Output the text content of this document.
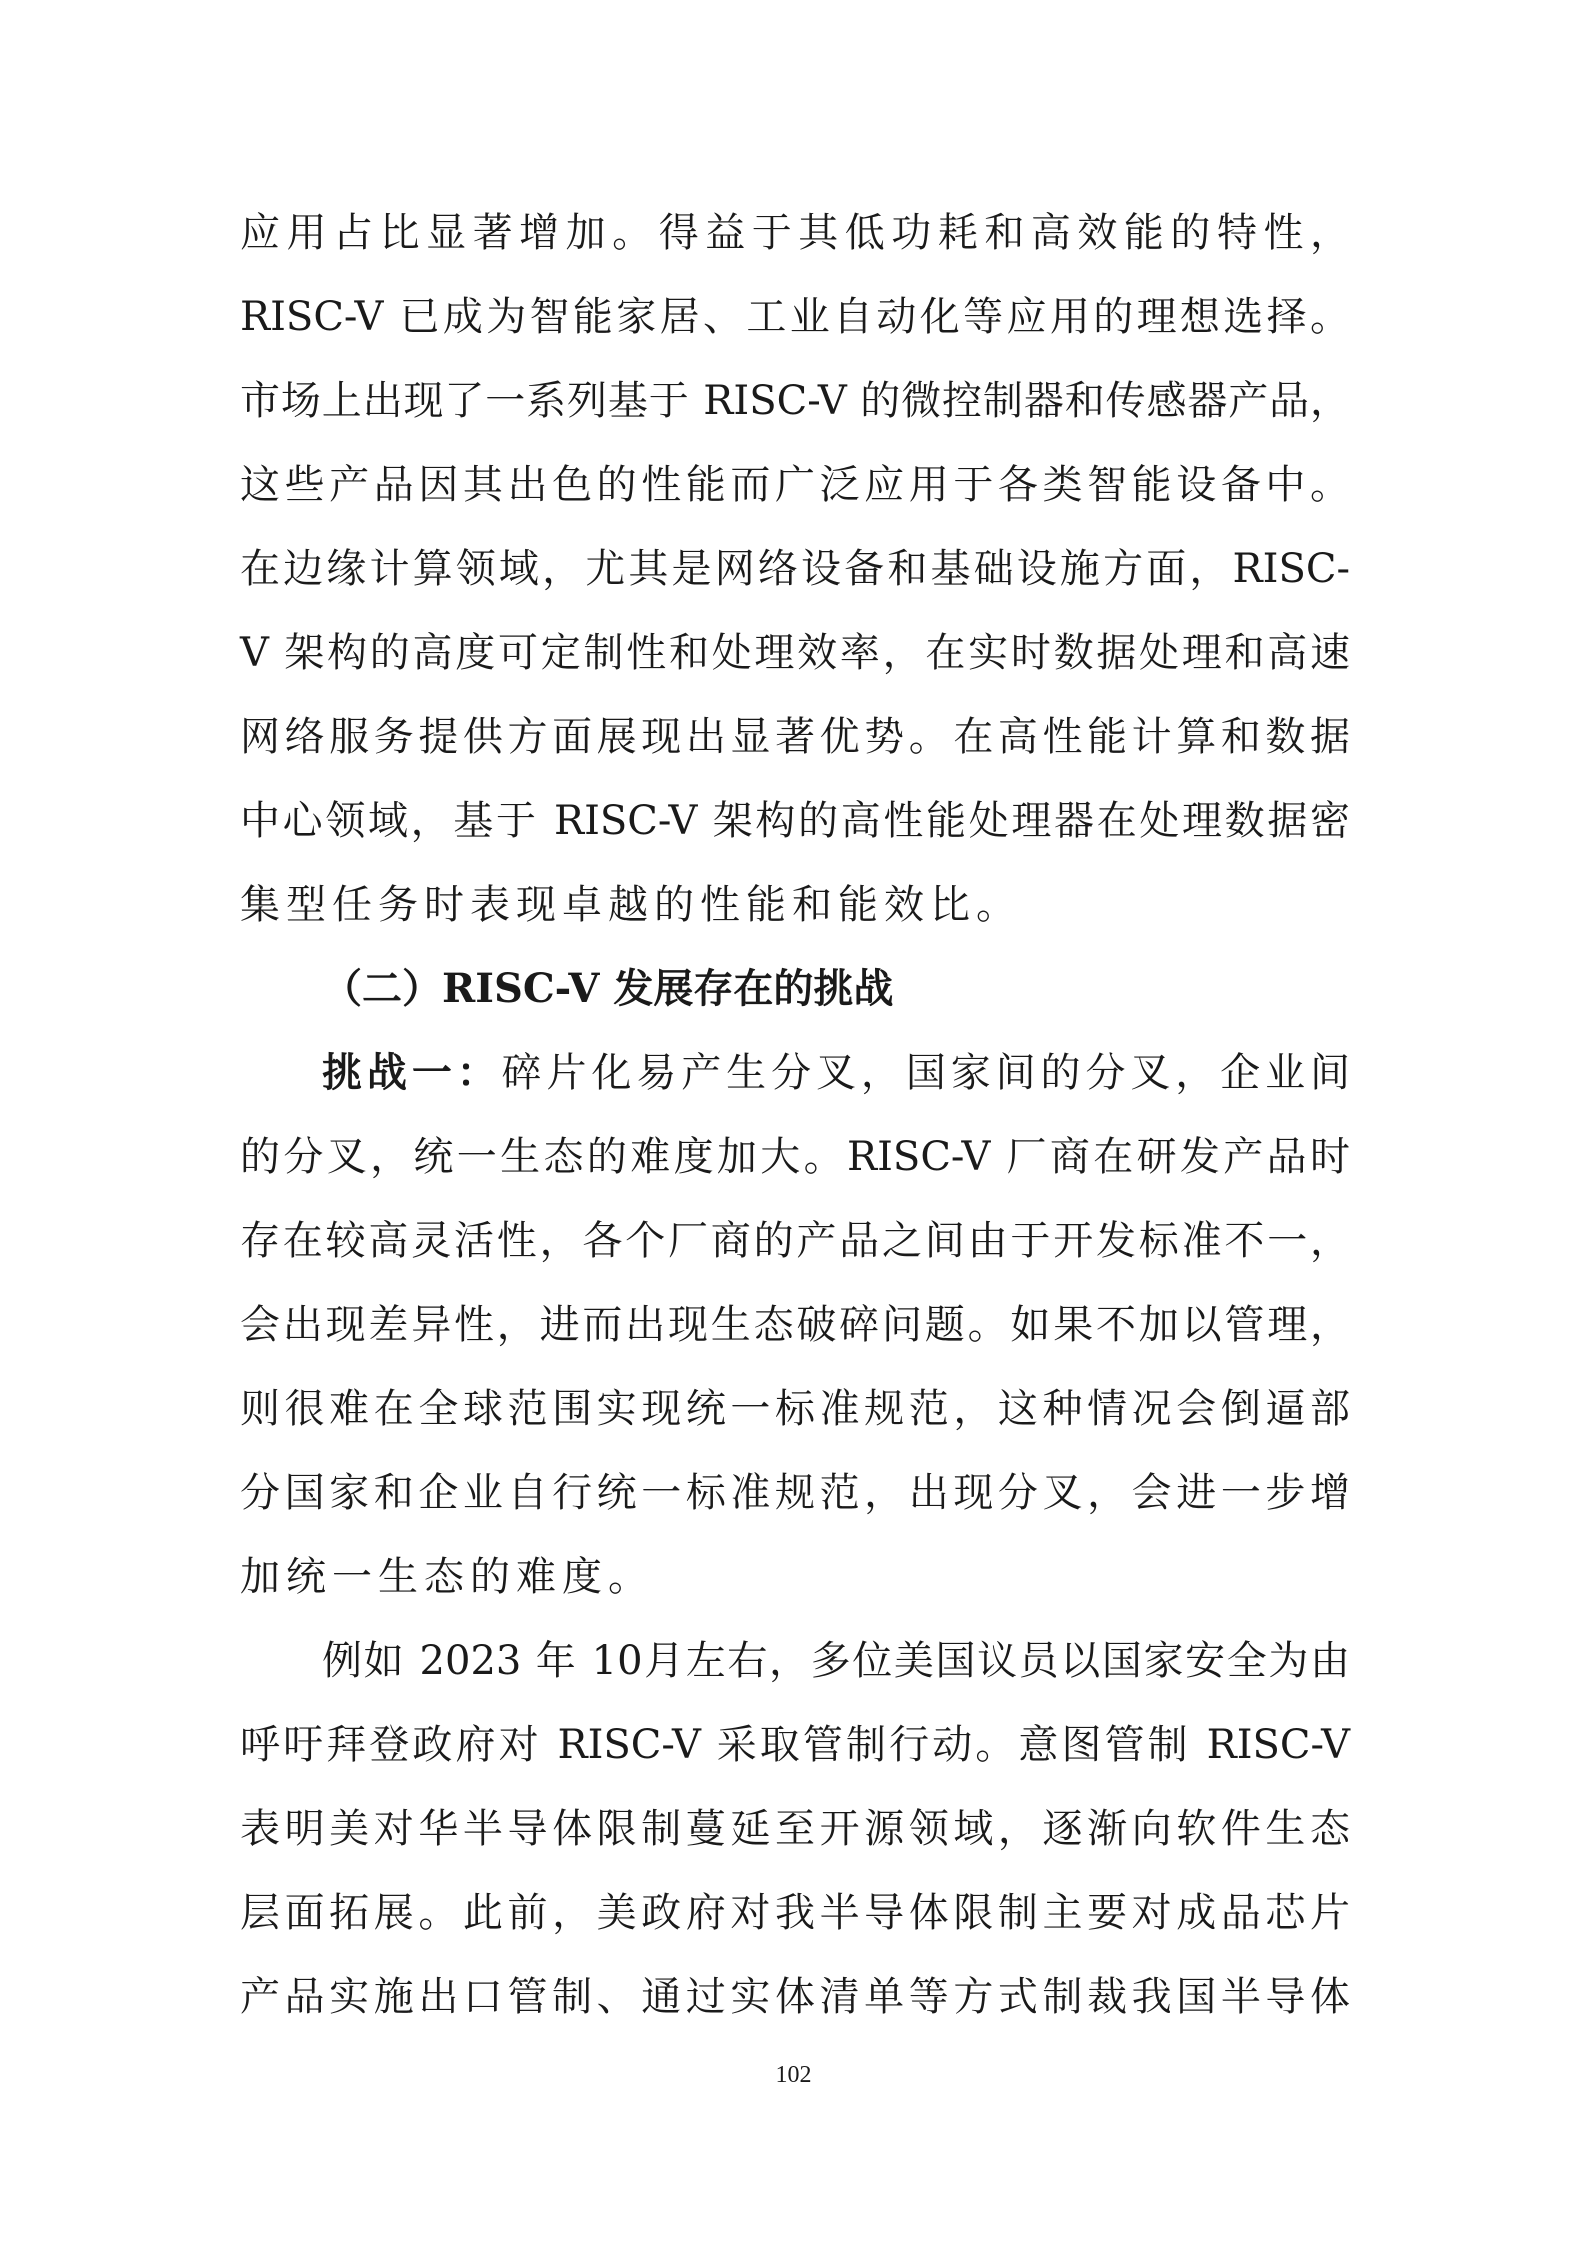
应用占比显著增加。得益于其低功耗和高效能的特性，
RISC-V 已成为智能家居、工业自动化等应用的理想选择。
市场上出现了一系列基于 RISC-V 的微控制器和传感器产品，
这些产品因其出色的性能而广泛应用于各类智能设备中。
在边缘计算领域，尤其是网络设备和基础设施方面，RISC-
V 架构的高度可定制性和处理效率，在实时数据处理和高速
网络服务提供方面展现出显著优势。在高性能计算和数据
中心领域，基于 RISC-V 架构的高性能处理器在处理数据密
集型任务时表现卓越的性能和能效比。
（二）RISC-V 发展存在的挑战
挑战一：碎片化易产生分叉，国家间的分叉，企业间
的分叉，统一生态的难度加大。RISC-V 厂商在研发产品时
存在较高灵活性，各个厂商的产品之间由于开发标准不一，
会出现差异性，进而出现生态破碎问题。如果不加以管理，
则很难在全球范围实现统一标准规范，这种情况会倒逼部
分国家和企业自行统一标准规范，出现分叉，会进一步增
加统一生态的难度。
例如 2023 年 10月左右，多位美国议员以国家安全为由
呼吁拜登政府对 RISC-V 采取管制行动。意图管制 RISC-V
表明美对华半导体限制蔓延至开源领域，逐渐向软件生态
层面拓展。此前，美政府对我半导体限制主要对成品芯片
产品实施出口管制、通过实体清单等方式制裁我国半导体
102
